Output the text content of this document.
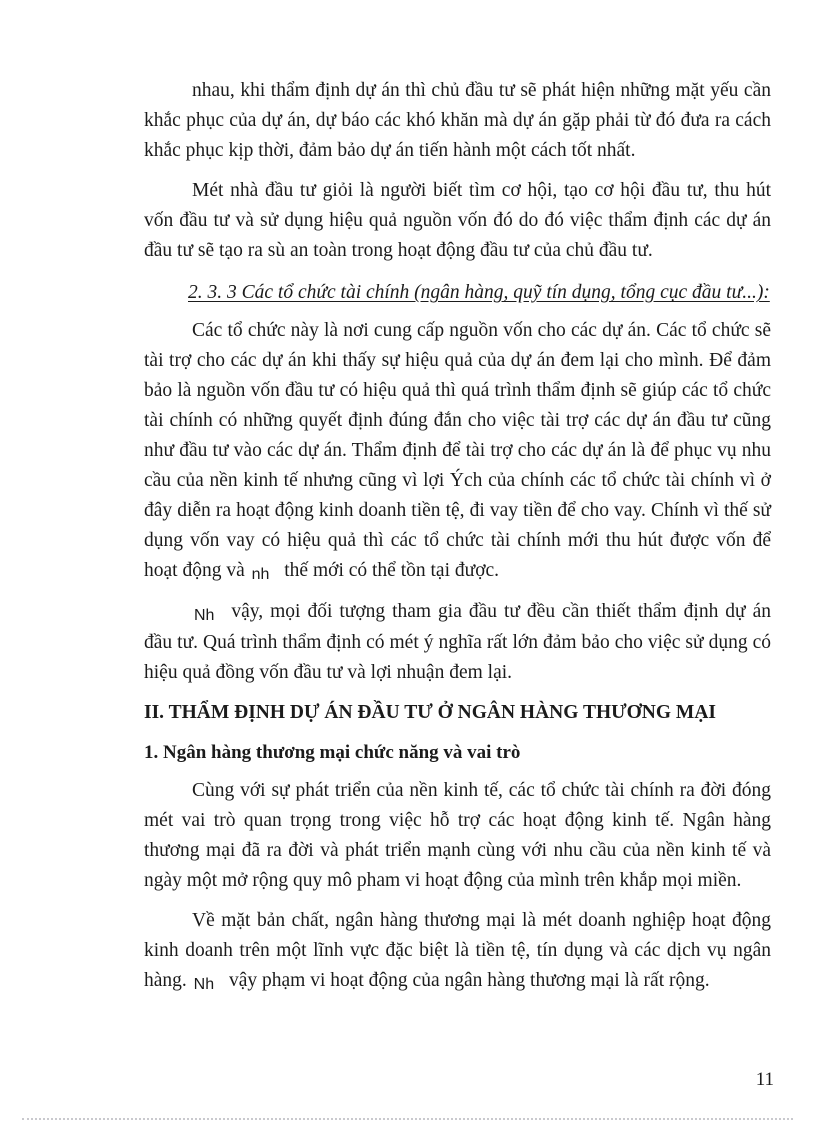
nhau, khi thẩm định dự án thì chủ đầu tư sẽ phát hiện những mặt yếu cần khắc phục của dự án, dự báo các khó khăn mà dự án gặp phải từ đó đưa ra cách khắc phục kịp thời, đảm bảo dự án tiến hành một cách tốt nhất.

Mét nhà đầu tư giỏi là người biết tìm cơ hội, tạo cơ hội đầu tư, thu hút vốn đầu tư và sử dụng hiệu quả nguồn vốn đó do đó việc thẩm định các dự án đầu tư sẽ tạo ra sù an toàn trong hoạt động đầu tư của chủ đầu tư.

2. 3. 3 Các tổ chức tài chính (ngân hàng, quỹ tín dụng, tổng cục đầu tư...):

Các tổ chức này là nơi cung cấp nguồn vốn cho các dự án. Các tổ chức sẽ tài trợ cho các dự án khi thấy sự hiệu quả của dự án đem lại cho mình. Để đảm bảo là nguồn vốn đầu tư có hiệu quả thì quá trình thẩm định sẽ giúp các tổ chức tài chính có những quyết định đúng đắn cho việc tài trợ các dự án đầu tư cũng như đầu tư vào các dự án. Thẩm định để tài trợ cho các dự án là để phục vụ nhu cầu của nền kinh tế nhưng cũng vì lợi Ých của chính các tổ chức tài chính vì ở đây diễn ra hoạt động kinh doanh tiền tệ, đi vay tiền để cho vay. Chính vì thế sử dụng vốn vay có hiệu quả thì các tổ chức tài chính mới thu hút được vốn để hoạt động và nh thế mới có thể tồn tại được.

Nh vậy, mọi đối tượng tham gia đầu tư đều cần thiết thẩm định dự án đầu tư. Quá trình thẩm định có mét ý nghĩa rất lớn đảm bảo cho việc sử dụng có hiệu quả đồng vốn đầu tư và lợi nhuận đem lại.

II. THẨM ĐỊNH DỰ ÁN ĐẦU TƯ Ở NGÂN HÀNG THƯƠNG MẠI
1. Ngân hàng thương mại chức năng và vai trò

Cùng với sự phát triển của nền kinh tế, các tổ chức tài chính ra đời đóng mét vai trò quan trọng trong việc hỗ trợ các hoạt động kinh tế. Ngân hàng thương mại đã ra đời và phát triển mạnh cùng với nhu cầu của nền kinh tế và ngày một mở rộng quy mô pham vi hoạt động của mình trên khắp mọi miền.

Về mặt bản chất, ngân hàng thương mại là mét doanh nghiệp hoạt động kinh doanh trên một lĩnh vực đặc biệt là tiền tệ, tín dụng và các dịch vụ ngân hàng. Nh vậy phạm vi hoạt động của ngân hàng thương mại là rất rộng.

11
